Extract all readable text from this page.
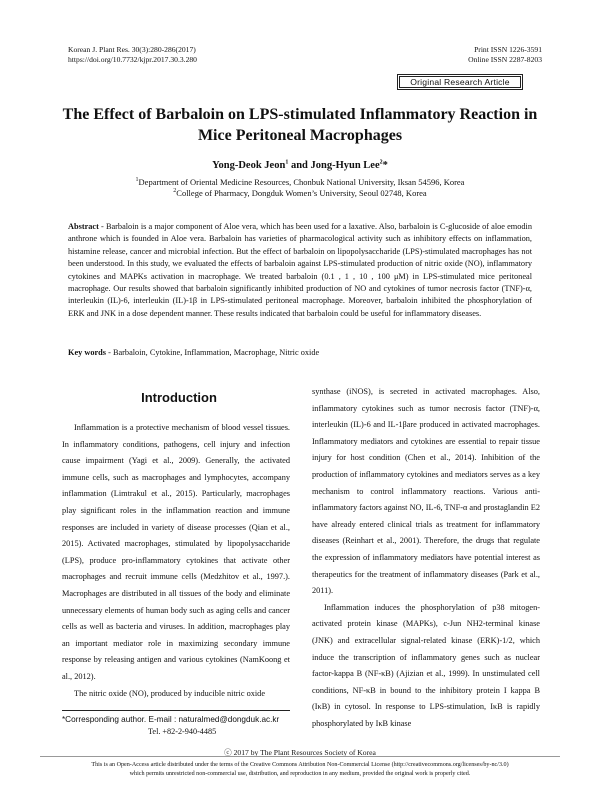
Korean J. Plant Res. 30(3):280-286(2017)
https://doi.org/10.7732/kjpr.2017.30.3.280
Print ISSN 1226-3591
Online ISSN 2287-8203
Original Research Article
The Effect of Barbaloin on LPS-stimulated Inflammatory Reaction in
Mice Peritoneal Macrophages
Yong-Deok Jeon$^1$ and Jong-Hyun Lee$^2$*
$^1$Department of Oriental Medicine Resources, Chonbuk National University, Iksan 54596, Korea
$^2$College of Pharmacy, Dongduk Women’s University, Seoul 02748, Korea
Abstract - Barbaloin is a major component of Aloe vera, which has been used for a laxative. Also, barbaloin is C-glucoside of aloe emodin anthrone which is founded in Aloe vera. Barbaloin has varieties of pharmacological activity such as inhibitory effects on inflammation, histamine release, cancer and microbial infection. But the effect of barbaloin on lipopolysaccharide (LPS)-stimulated macrophages has not been understood. In this study, we evaluated the effects of barbaloin against LPS-stimulated production of nitric oxide (NO), inflammatory cytokines and MAPKs activation in macrophage. We treated barbaloin (0.1 , 1 , 10 , 100 μM) in LPS-stimulated mice peritoneal macrophage. Our results showed that barbaloin significantly inhibited production of NO and cytokines of tumor necrosis factor (TNF)-α, interleukin (IL)-6, interleukin (IL)-1β in LPS-stimulated peritoneal macrophage. Moreover, barbaloin inhibited the phosphorylation of ERK and JNK in a dose dependent manner. These results indicated that barbaloin could be useful for inflammatory diseases.
Key words - Barbaloin, Cytokine, Inflammation, Macrophage, Nitric oxide
Introduction

Inflammation is a protective mechanism of blood vessel tissues. In inflammatory conditions, pathogens, cell injury and infection cause impairment (Yagi et al., 2009). Generally, the activated immune cells, such as macrophages and lymphocytes, accompany inflammation (Limtrakul et al., 2015). Particularly, macrophages play significant roles in the inflammation reaction and immune responses are included in variety of disease processes (Qian et al., 2015). Activated macrophages, stimulated by lipopolysaccharide (LPS), produce pro-inflammatory cytokines that activate other macrophages and recruit immune cells (Medzhitov et al., 1997.). Macrophages are distributed in all tissues of the body and eliminate unnecessary elements of human body such as aging cells and cancer cells as well as bacteria and viruses. In addition, macrophages play an important mediator role in maximizing secondary immune response by releasing antigen and various cytokines (NamKoong et al., 2012).

The nitric oxide (NO), produced by inducible nitric oxide

synthase (iNOS), is secreted in activated macrophages. Also, inflammatory cytokines such as tumor necrosis factor (TNF)-α, interleukin (IL)-6 and IL-1βare produced in activated macrophages. Inflammatory mediators and cytokines are essential to repair tissue injury for host condition (Chen et al., 2014). Inhibition of the production of inflammatory cytokines and mediators serves as a key mechanism to control inflammatory reactions. Various anti-inflammatory factors against NO, IL-6, TNF-α and prostaglandin E2 have already entered clinical trials as treatment for inflammatory diseases (Reinhart et al., 2001). Therefore, the drugs that regulate the expression of inflammatory mediators have potential interest as therapeutics for the treatment of inflammatory diseases (Park et al., 2011).

Inflammation induces the phosphorylation of p38 mitogen-activated protein kinase (MAPKs), c-Jun NH2-terminal kinase (JNK) and extracellular signal-related kinase (ERK)-1/2, which induce the transcription of inflammatory genes such as nuclear factor-kappa B (NF-κB) (Ajizian et al., 1999). In unstimulated cell conditions, NF-κB in bound to the inhibitory protein I kappa B (IκB) in cytosol. In response to LPS-stimulation, IκB is rapidly phosphorylated by IκB kinase

*Corresponding author. E-mail : naturalmed@dongduk.ac.kr
Tel. +82-2-940-4485
ⓒ 2017 by The Plant Resources Society of Korea
This is an Open-Access article distributed under the terms of the Creative Commons Attribution Non-Commercial License (http://creativecommons.org/licenses/by-nc/3.0)
which permits unrestricted non-commercial use, distribution, and reproduction in any medium, provided the original work is properly cited.
